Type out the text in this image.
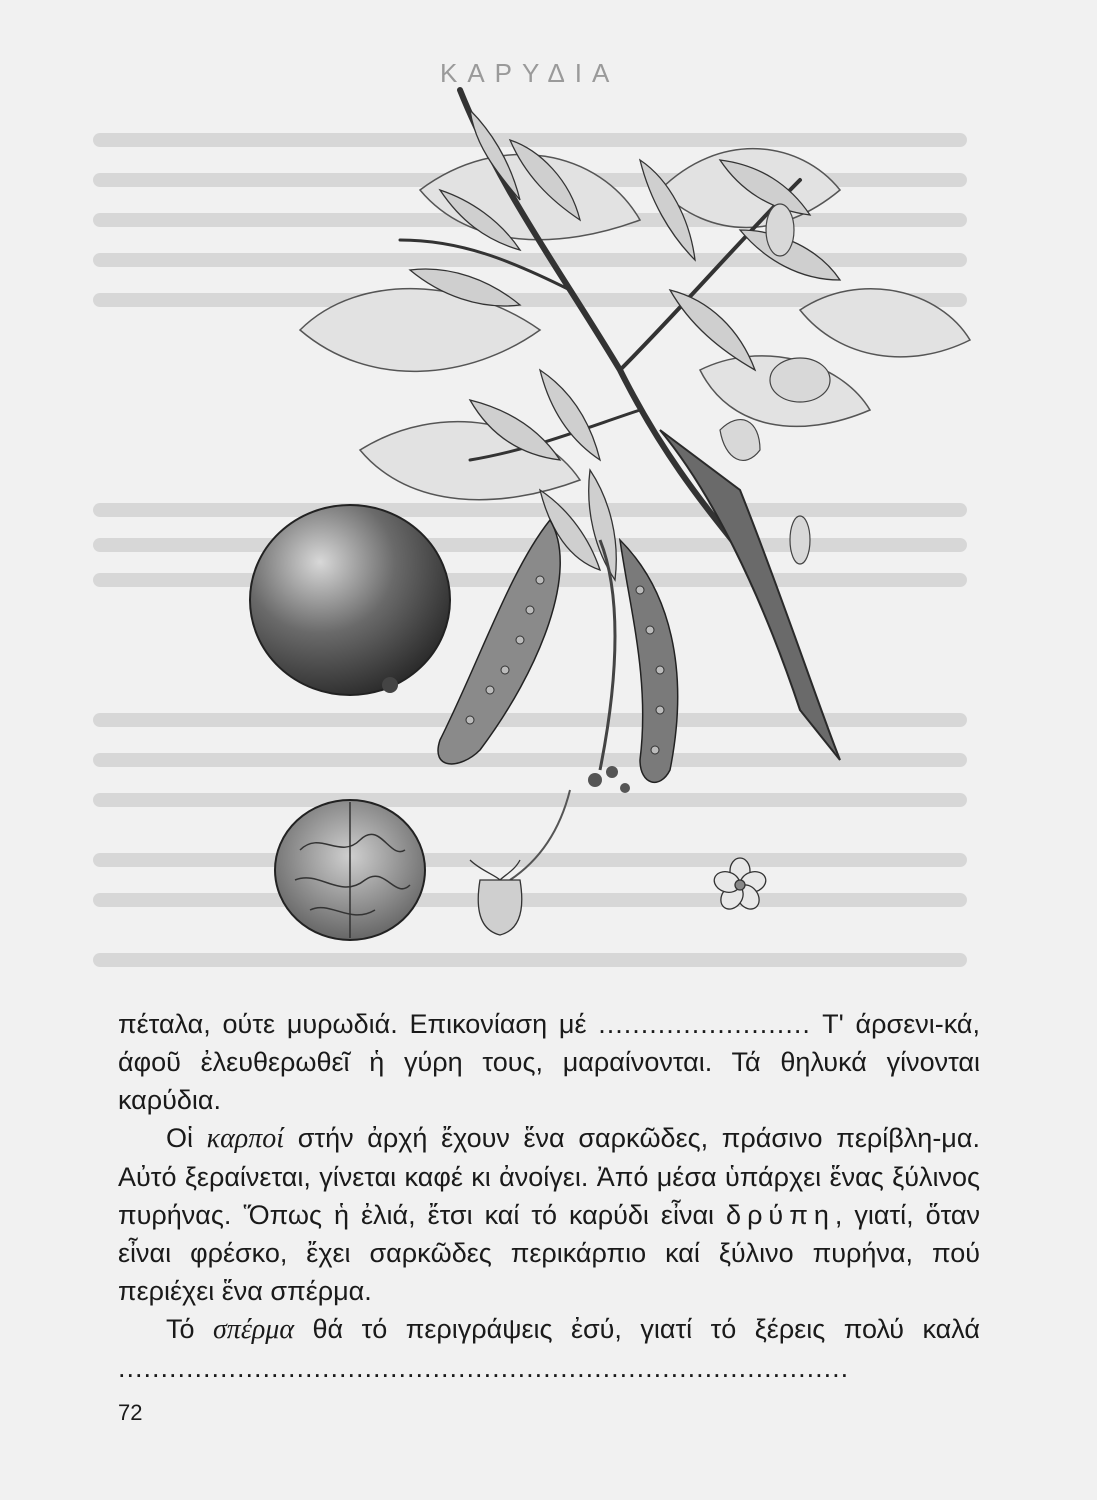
ΚΑΡΥΔΙΑ

πέταλα, ούτε μυρωδιά. Επικονίαση μέ ......................... Τ' άρσενι-κά, άφοῦ ἐλευθερωθεῖ ἡ γύρη τους, μαραίνονται. Τά θηλυκά γίνονται καρύδια.

Οἱ καρποί στήν ἀρχή ἔχουν ἕνα σαρκῶδες, πράσινο περίβλη-μα. Αὐτό ξεραίνεται, γίνεται καφέ κι ἀνοίγει. Ἀπό μέσα ὑπάρχει ἕνας ξύλινος πυρήνας. Ὅπως ἡ ἐλιά, ἔτσι καί τό καρύδι εἶναι δρύπη, γιατί, ὅταν εἶναι φρέσκο, ἔχει σαρκῶδες περικάρπιο καί ξύλινο πυρήνα, πού περιέχει ἕνα σπέρμα.

Τό σπέρμα θά τό περιγράψεις ἐσύ, γιατί τό ξέρεις πολύ καλά ......................................................................................

72
